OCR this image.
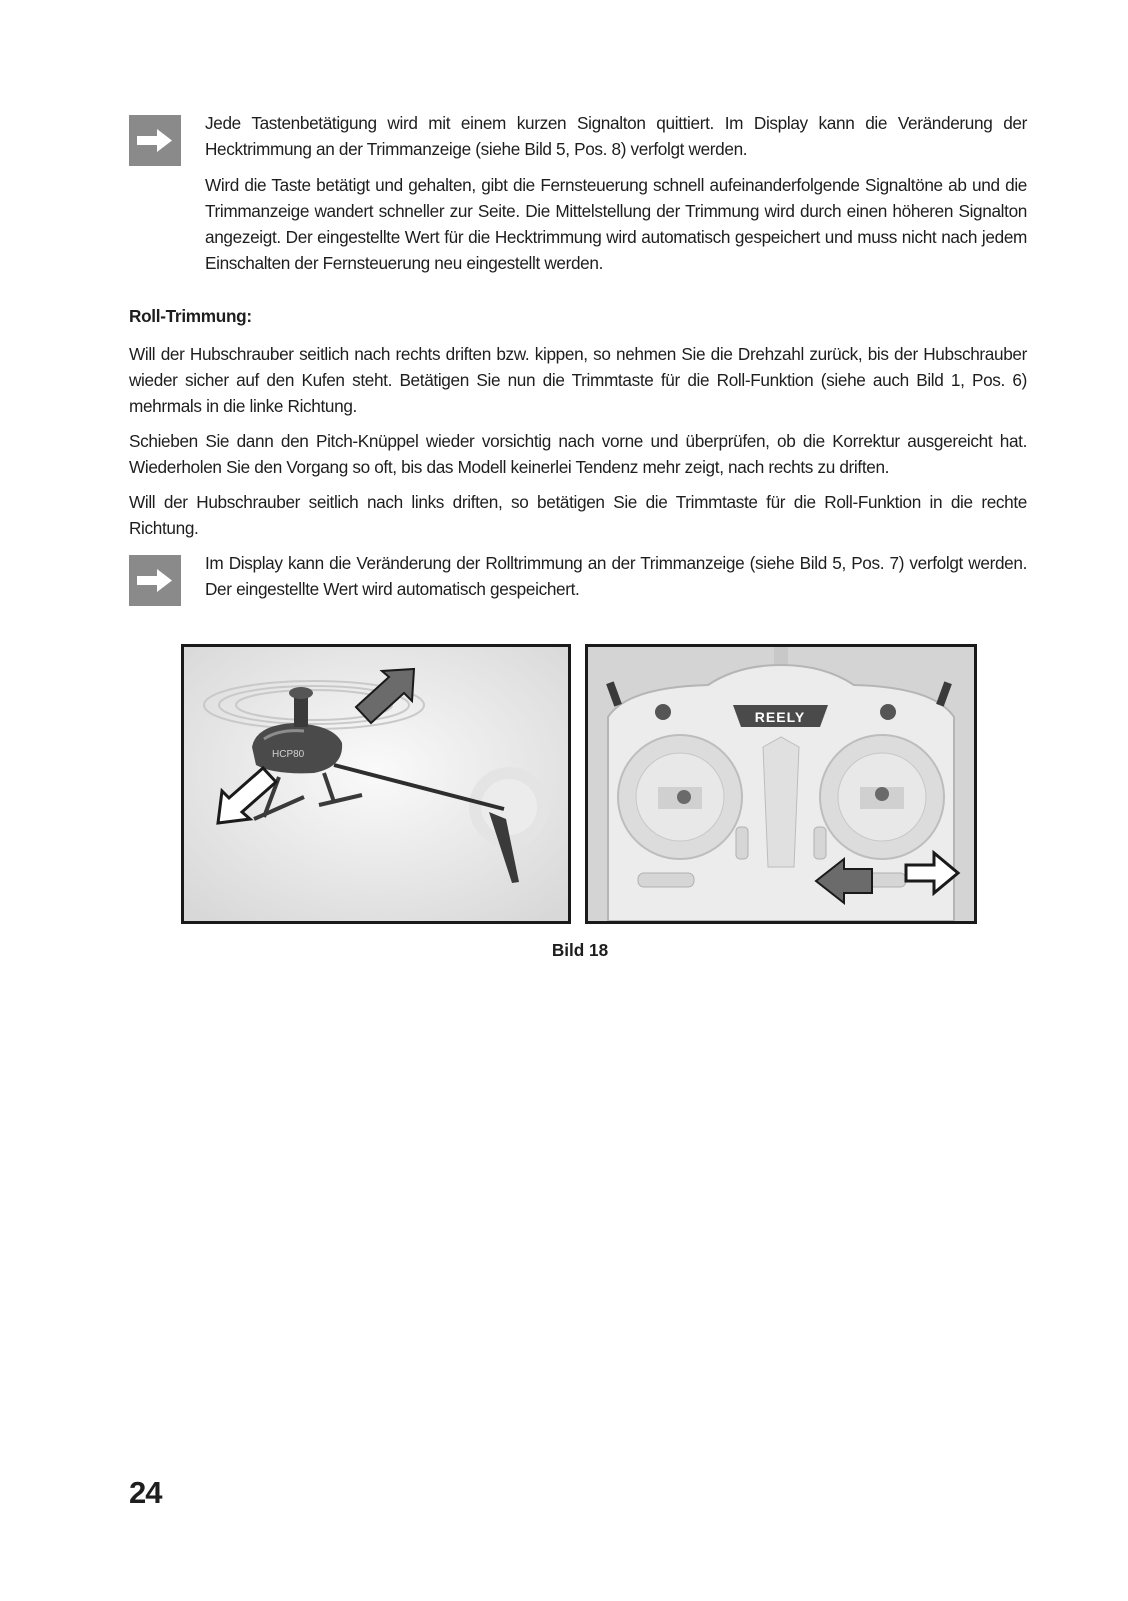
Jede Tastenbetätigung wird mit einem kurzen Signalton quittiert. Im Display kann die Veränderung der Hecktrimmung an der Trimmanzeige (siehe Bild 5, Pos. 8) verfolgt werden.

Wird die Taste betätigt und gehalten, gibt die Fernsteuerung schnell aufeinanderfolgende Signaltöne ab und die Trimmanzeige wandert schneller zur Seite. Die Mittelstellung der Trimmung wird durch einen höheren Signalton angezeigt. Der eingestellte Wert für die Hecktrimmung wird automatisch gespeichert und muss nicht nach jedem Einschalten der Fernsteuerung neu eingestellt werden.

Roll-Trimmung:

Will der Hubschrauber seitlich nach rechts driften bzw. kippen, so nehmen Sie die Drehzahl zurück, bis der Hubschrauber wieder sicher auf den Kufen steht. Betätigen Sie nun die Trimmtaste für die Roll-Funktion (siehe auch Bild 1, Pos. 6) mehrmals in die linke Richtung.

Schieben Sie dann den Pitch-Knüppel wieder vorsichtig nach vorne und überprüfen, ob die Korrektur ausgereicht hat. Wiederholen Sie den Vorgang so oft, bis das Modell keinerlei Tendenz mehr zeigt, nach rechts zu driften.

Will der Hubschrauber seitlich nach links driften, so betätigen Sie die Trimmtaste für die Roll-Funktion in die rechte Richtung.

Im Display kann die Veränderung der Rolltrimmung an der Trimmanzeige (siehe Bild 5, Pos. 7) verfolgt werden. Der eingestellte Wert wird automatisch gespeichert.

HCP80
REELY

Bild 18

24
